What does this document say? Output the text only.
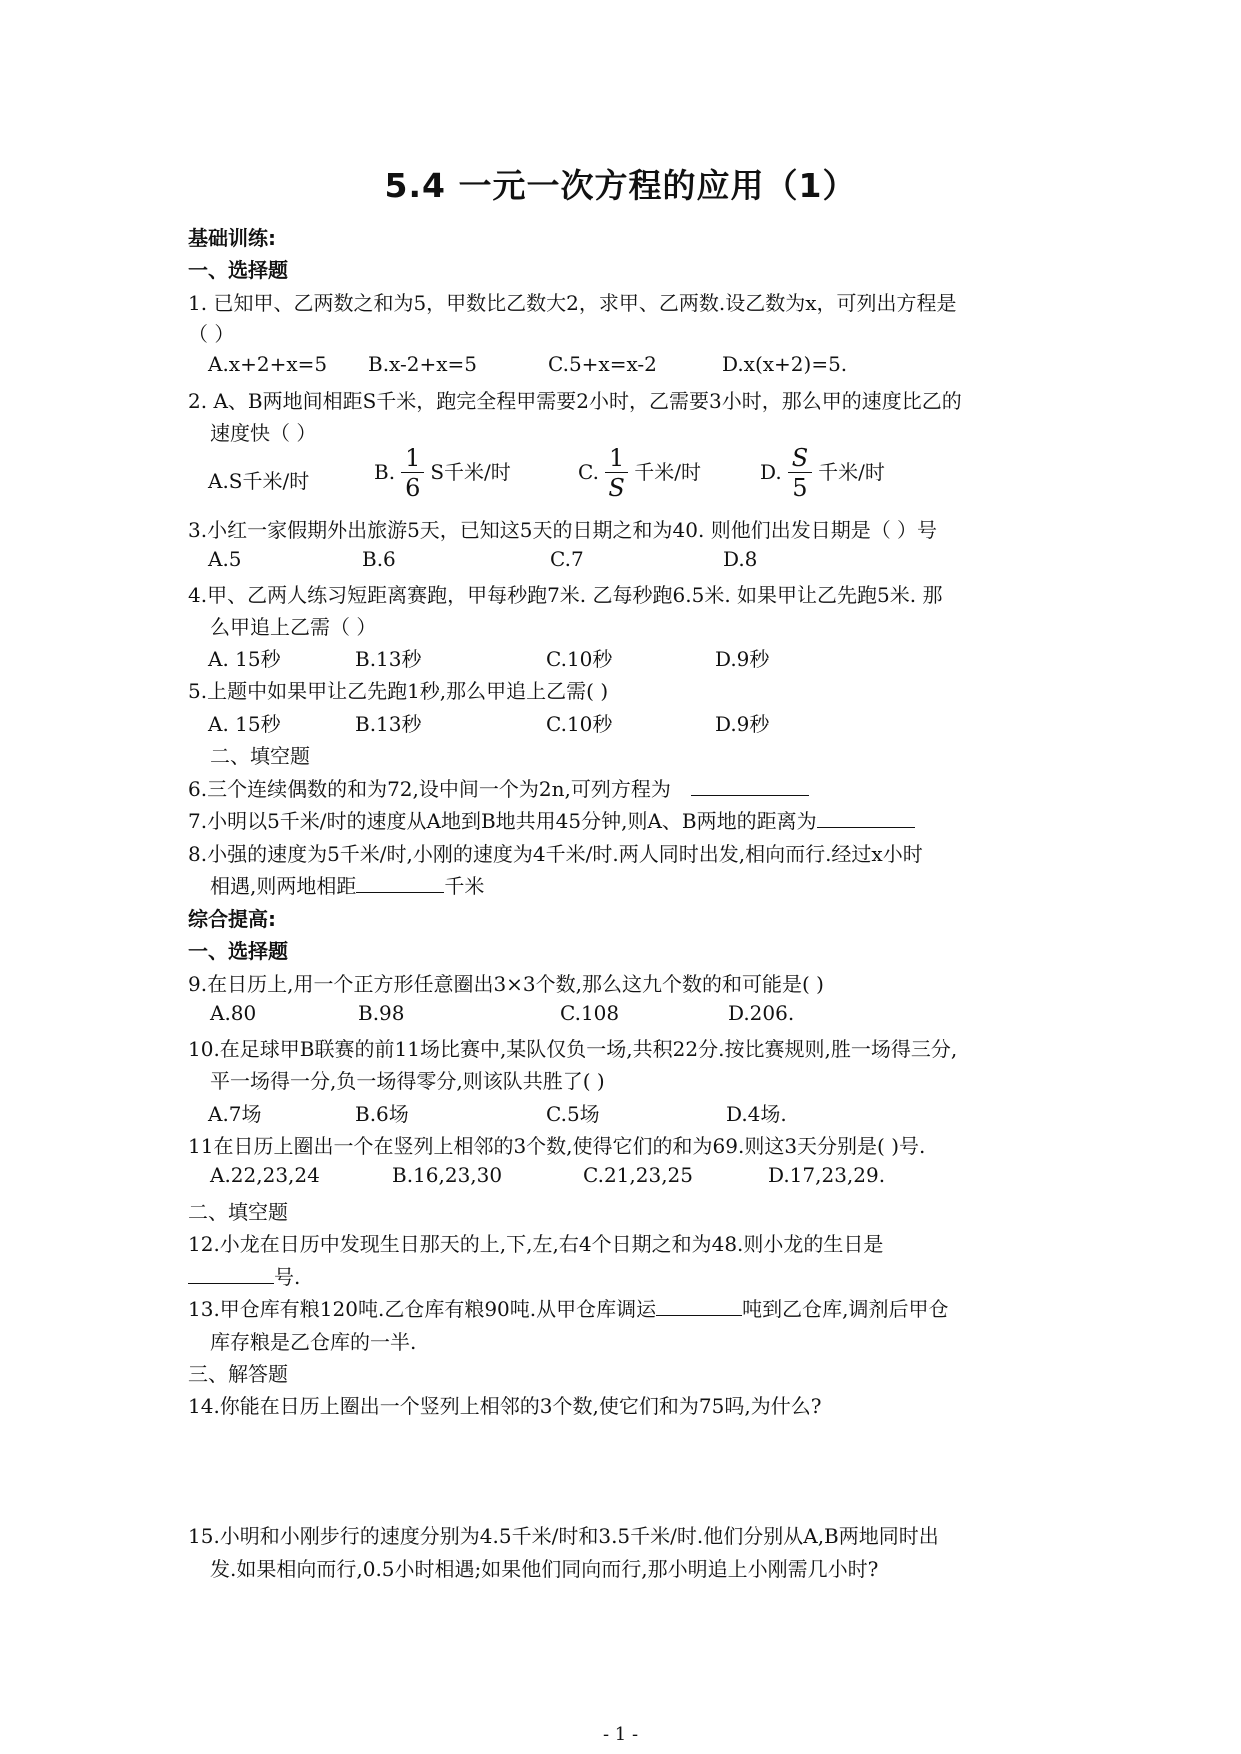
5.4 一元一次方程的应用（1）
基础训练:
一、选择题
1. 已知甲、乙两数之和为5，甲数比乙数大2，求甲、乙两数.设乙数为x，可列出方程是
（ ）
A.x+2+x=5 B.x-2+x=5	C.5+x=x-2	D.x(x+2)=5.
2. A、B两地间相距S千米，跑完全程甲需要2小时，乙需要3小时，那么甲的速度比乙的
速度快（ ）
A.S千米/时	B. $\frac{1}{6}$ S千米/时	C. $\frac{1}{S}$ 千米/时	D. $\frac{S}{5}$ 千米/时
3.小红一家假期外出旅游5天，已知这5天的日期之和为40. 则他们出发日期是（ ）号
A.5	B.6	C.7	D.8
4.甲、乙两人练习短距离赛跑，甲每秒跑7米. 乙每秒跑6.5米. 如果甲让乙先跑5米. 那
么甲追上乙需（ ）
A. 15秒	B.13秒	C.10秒	D.9秒
5.上题中如果甲让乙先跑1秒,那么甲追上乙需( )
A. 15秒	B.13秒	C.10秒	D.9秒
二、填空题
6.三个连续偶数的和为72,设中间一个为2n,可列方程为
7.小明以5千米/时的速度从A地到B地共用45分钟,则A、B两地的距离为
8.小强的速度为5千米/时,小刚的速度为4千米/时.两人同时出发,相向而行.经过x小时
相遇,则两地相距	千米
综合提高:
一、选择题
9.在日历上,用一个正方形任意圈出3×3个数,那么这九个数的和可能是( )
A.80	B.98	C.108	D.206.
10.在足球甲B联赛的前11场比赛中,某队仅负一场,共积22分.按比赛规则,胜一场得三分,
平一场得一分,负一场得零分,则该队共胜了( )
A.7场	B.6场	C.5场	D.4场.
11在日历上圈出一个在竖列上相邻的3个数,使得它们的和为69.则这3天分别是( )号.
A.22,23,24	B.16,23,30	C.21,23,25	D.17,23,29.
二、填空题
12.小龙在日历中发现生日那天的上,下,左,右4个日期之和为48.则小龙的生日是
号.
13.甲仓库有粮120吨.乙仓库有粮90吨.从甲仓库调运	吨到乙仓库,调剂后甲仓
库存粮是乙仓库的一半.
三、解答题
14.你能在日历上圈出一个竖列上相邻的3个数,使它们和为75吗,为什么?
15.小明和小刚步行的速度分别为4.5千米/时和3.5千米/时.他们分别从A,B两地同时出
发.如果相向而行,0.5小时相遇;如果他们同向而行,那小明追上小刚需几小时?
- 1 -
